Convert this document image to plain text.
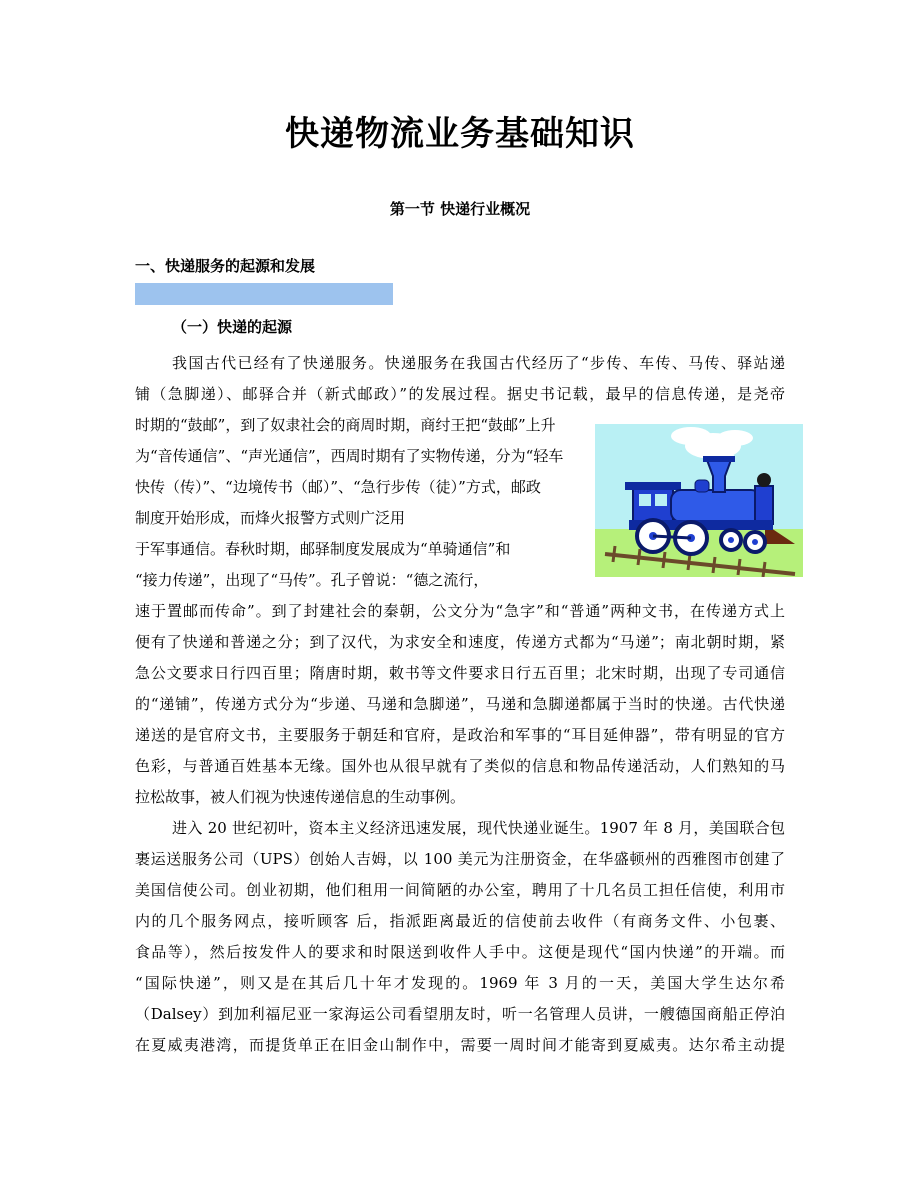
快递物流业务基础知识
第一节 快递行业概况
一、快递服务的起源和发展
（一）快递的起源
我国古代已经有了快递服务。快递服务在我国古代经历了“步传、车传、马传、驿站递
铺（急脚递）、邮驿合并（新式邮政）”的发展过程。据史书记载，最早的信息传递，是尧帝
时期的“鼓邮”，到了奴隶社会的商周时期，商纣王把“鼓邮”上升
为“音传通信”、“声光通信”，西周时期有了实物传递，分为“轻车
快传（传）”、“边境传书（邮）”、“急行步传（徒）”方式，邮政
制度开始形成，而烽火报警方式则广泛用
于军事通信。春秋时期，邮驿制度发展成为“单骑通信”和
“接力传递”，出现了“马传”。孔子曾说：“德之流行，
速于置邮而传命”。到了封建社会的秦朝，公文分为“急字”和“普通”两种文书，在传递方式上
便有了快递和普递之分；到了汉代，为求安全和速度，传递方式都为“马递”；南北朝时期，紧
急公文要求日行四百里；隋唐时期，敕书等文件要求日行五百里；北宋时期，出现了专司通信
的“递铺”，传递方式分为“步递、马递和急脚递”，马递和急脚递都属于当时的快递。古代快递
递送的是官府文书，主要服务于朝廷和官府，是政治和军事的“耳目延伸器”，带有明显的官方
色彩，与普通百姓基本无缘。国外也从很早就有了类似的信息和物品传递活动，人们熟知的马
拉松故事，被人们视为快速传递信息的生动事例。
进入 20 世纪初叶，资本主义经济迅速发展，现代快递业诞生。1907 年 8 月，美国联合包
裹运送服务公司（UPS）创始人吉姆，以 100 美元为注册资金，在华盛顿州的西雅图市创建了
美国信使公司。创业初期，他们租用一间简陋的办公室，聘用了十几名员工担任信使，利用市
内的几个服务网点，接听顾客 后，指派距离最近的信使前去收件（有商务文件、小包裹、
食品等），然后按发件人的要求和时限送到收件人手中。这便是现代“国内快递”的开端。而
“国际快递”，则又是在其后几十年才发现的。1969 年 3 月的一天，美国大学生达尔希
（Dalsey）到加利福尼亚一家海运公司看望朋友时，听一名管理人员讲，一艘德国商船正停泊
在夏威夷港湾，而提货单正在旧金山制作中，需要一周时间才能寄到夏威夷。达尔希主动提
